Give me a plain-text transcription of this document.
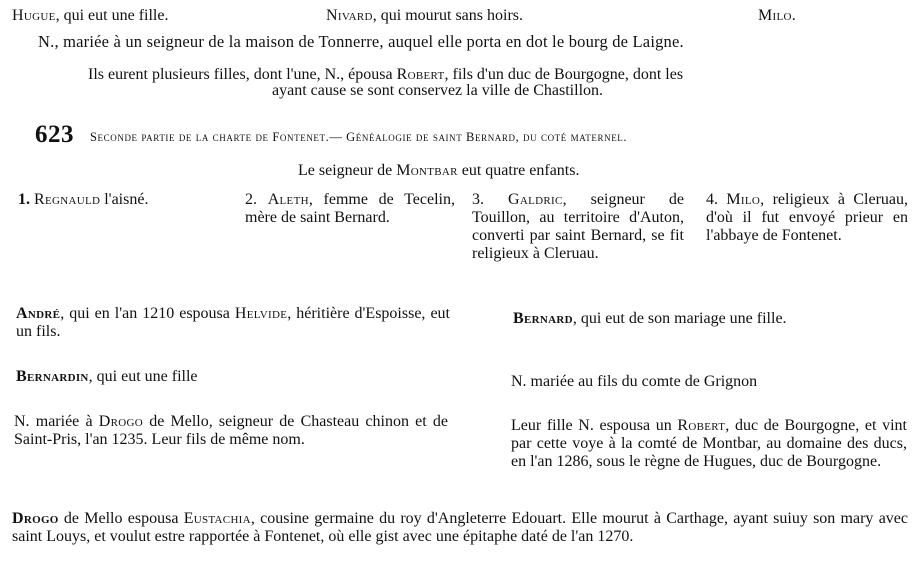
Hugue, qui eut une fille.	Nivard, qui mourut sans hoirs.	Milo.
N., mariée à un seigneur de la maison de Tonnerre, auquel elle porta en dot le bourg de Laigne.
Ils eurent plusieurs filles, dont l'une, N., épousa Robert, fils d'un duc de Bourgogne, dont les
ayant cause se sont conservez la ville de Chastillon.
623 Seconde partie de la charte de Fontenet.— Généalogie de saint Bernard, du coté maternel.
Le seigneur de Montbar eut quatre enfants.
1. Regnauld l'aisné.	2. Aleth, femme de Tecelin, mère de saint Bernard.
3. Galdric, seigneur de Touillon, au territoire d'Auton, converti par saint Bernard, se fit religieux à Cleruau.
4. Milo, religieux à Cleruau, d'où il fut envoyé prieur en l'abbaye de Fontenet.
André, qui en l'an 1210 espousa Helvide, héritière d'Espoisse, eut un fils.
Bernard, qui eut de son mariage une fille.
Bernardin, qui eut une fille	N. mariée au fils du comte de Grignon
N. mariée à Drogo de Mello, seigneur de Chasteau chinon et de Saint-Pris, l'an 1235. Leur fils de même nom.
Leur fille N. espousa un Robert, duc de Bourgogne, et vint par cette voye à la comté de Montbar, au domaine des ducs, en l'an 1286, sous le règne de Hugues, duc de Bourgogne.
Drogo de Mello espousa Eustachia, cousine germaine du roy d'Angleterre Edouart. Elle mourut à Carthage, ayant suiuy son mary avec saint Louys, et voulut estre rapportée à Fontenet, où elle gist avec une épitaphe daté de l'an 1270.
